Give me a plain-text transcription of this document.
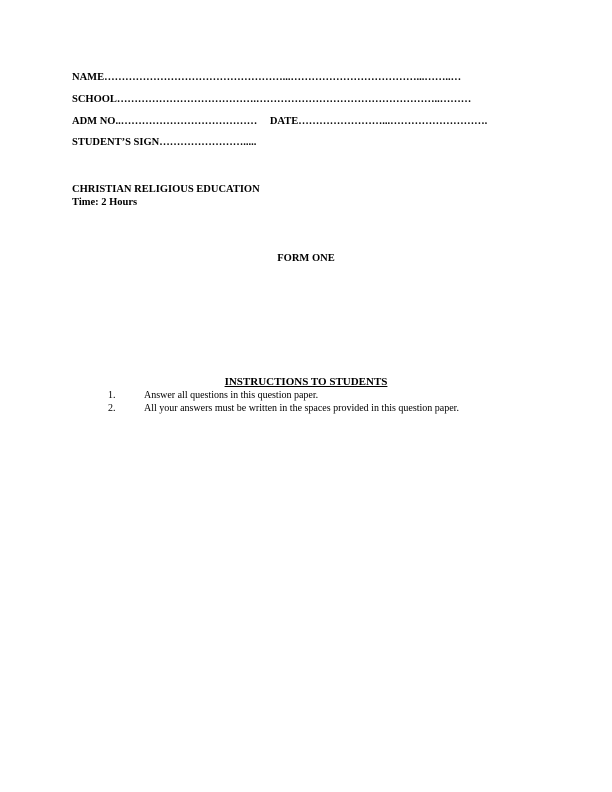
NAME……………………………………………...………………………………...……..…
SCHOOL………………………………….……………………………………………..………
ADM NO..………………………………… DATE……………………...……………………….
STUDENT’S SIGN…………………….....
CHRISTIAN RELIGIOUS EDUCATION
Time: 2 Hours
FORM ONE
INSTRUCTIONS TO STUDENTS
1.	Answer all questions in this question paper.
2.	All your answers must be written in the spaces provided in this question paper.
